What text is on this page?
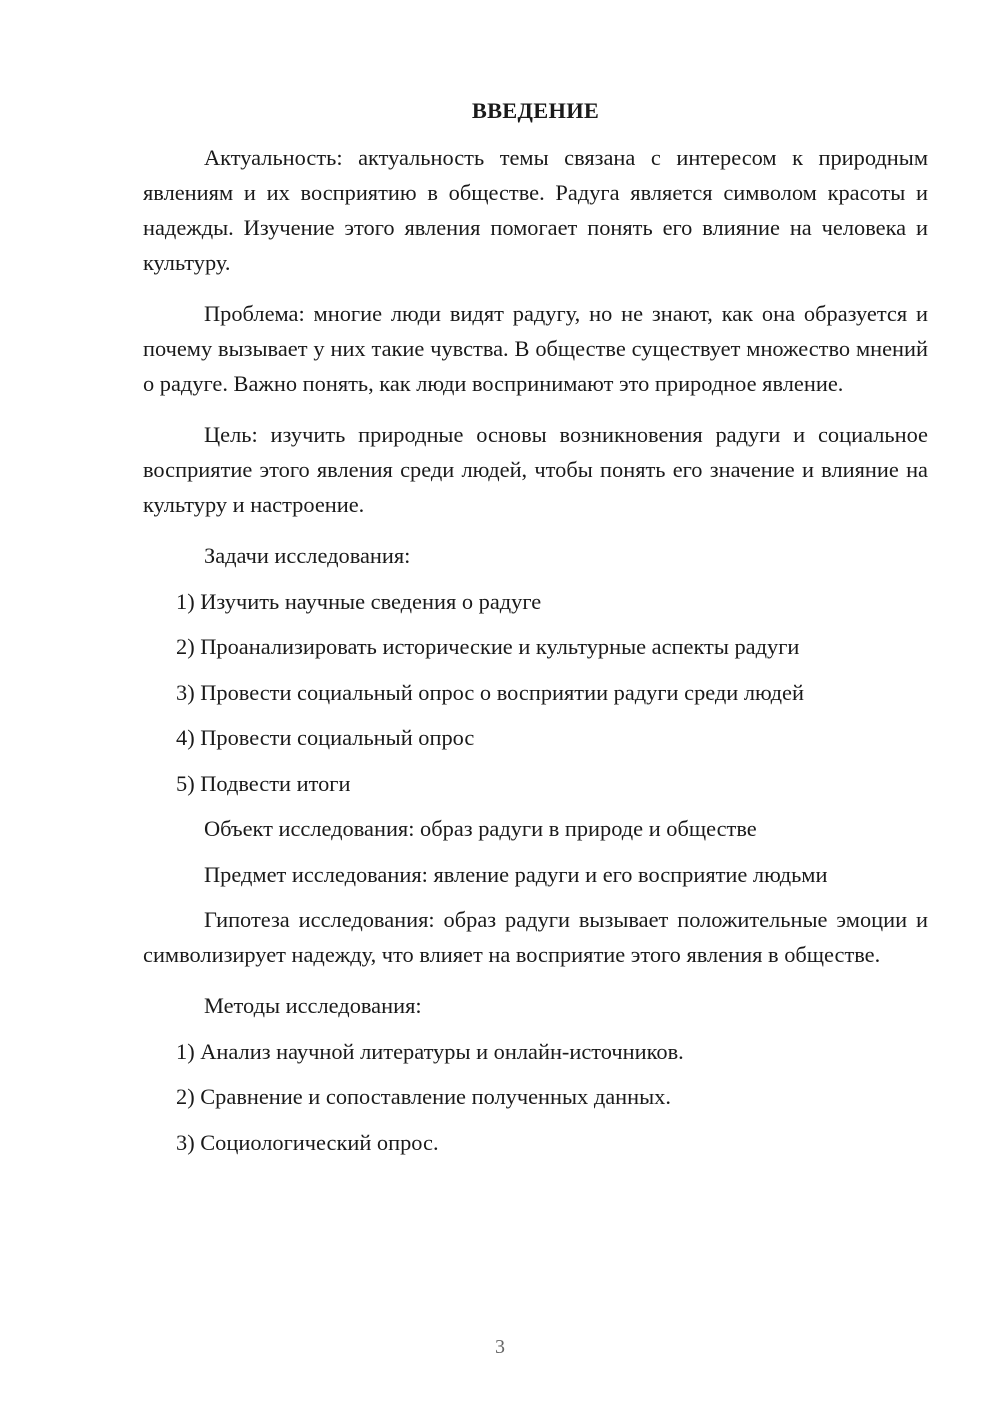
ВВЕДЕНИЕ

Актуальность: актуальность темы связана с интересом к природным явлениям и их восприятию в обществе. Радуга является символом красоты и надежды. Изучение этого явления помогает понять его влияние на человека и культуру.

Проблема: многие люди видят радугу, но не знают, как она образуется и почему вызывает у них такие чувства. В обществе существует множество мнений о радуге. Важно понять, как люди воспринимают это природное явление.

Цель: изучить природные основы возникновения радуги и социальное восприятие этого явления среди людей, чтобы понять его значение и влияние на культуру и настроение.

Задачи исследования:
1) Изучить научные сведения о радуге
2) Проанализировать исторические и культурные аспекты радуги
3) Провести социальный опрос о восприятии радуги среди людей
4) Провести социальный опрос
5) Подвести итоги
Объект исследования: образ радуги в природе и обществе
Предмет исследования: явление радуги и его восприятие людьми

Гипотеза исследования: образ радуги вызывает положительные эмоции и символизирует надежду, что влияет на восприятие этого явления в обществе.

Методы исследования:
1) Анализ научной литературы и онлайн-источников.
2) Сравнение и сопоставление полученных данных.
3) Социологический опрос.
3
